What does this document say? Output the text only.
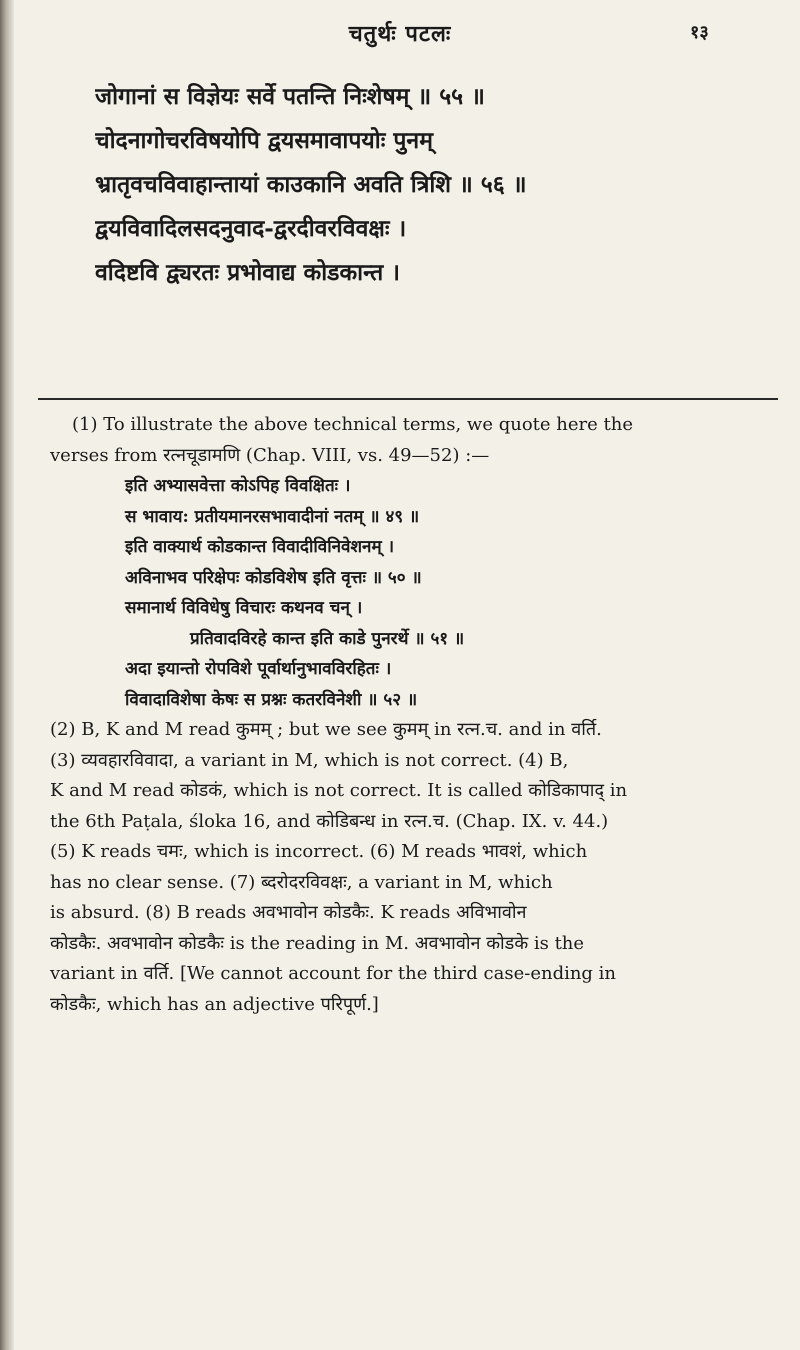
चतुर्थः पटलः	१३
जोगानां स विज्ञेयः सर्वे पतन्ति निःशेषम् ॥ ५५ ॥
चोदनागोचरविषयोपि द्वयसमावापयोः पुनम्
भ्रातृवचविवाहान्तायां काउकानि अवति त्रिशि ॥ ५६ ॥
द्वयविवादिलसदनुवाद-द्वरदीवरविवक्षः ।
वदिष्टवि द्व्यरतः प्रभोवाद्य कोडकान्त ।

(1) To illustrate the above technical terms, we quote here the

verses from रत्नचूडामणि (Chap. VIII, vs. 49—52) :—

इति अभ्यासवेत्ता कोऽपिह विवक्षितः ।

स भावाय: प्रतीयमानरसभावादीनां नतम् ॥ ४९ ॥

इति वाक्यार्थ कोडकान्त विवादीविनिवेशनम् ।

अविनाभव परिक्षेपः कोडविशेष इति वृत्तः ॥ ५० ॥

समानार्थ विविधेषु विचारः कथनव चन् ।

प्रतिवादविरहे कान्त इति काडे पुनरर्थे ॥ ५१ ॥

अदा इयान्तो रोपविशे पूर्वार्थानुभावविरहितः ।

विवादाविशेषा केषः स प्रश्नः कतरविनेशी ॥ ५२ ॥

(2) B, K and M read कुमम् ; but we see कुमम् in रत्न.च. and in वर्ति.

(3) व्यवहारविवादा, a variant in M, which is not correct. (4) B,

K and M read कोडकं, which is not correct. It is called कोडिकापाद् in

the 6th Paṭala, śloka 16, and कोडिबन्ध in रत्न.च. (Chap. IX. v. 44.)

(5) K reads चमः, which is incorrect. (6) M reads भावशं, which

has no clear sense. (7) ब्दरोदरविवक्षः, a variant in M, which

is absurd. (8) B reads अवभावोन कोडकैः. K reads अविभावोन

कोडकैः. अवभावोन कोडकैः is the reading in M. अवभावोन कोडके is the

variant in वर्ति. [We cannot account for the third case-ending in

कोडकैः, which has an adjective परिपूर्ण.]
